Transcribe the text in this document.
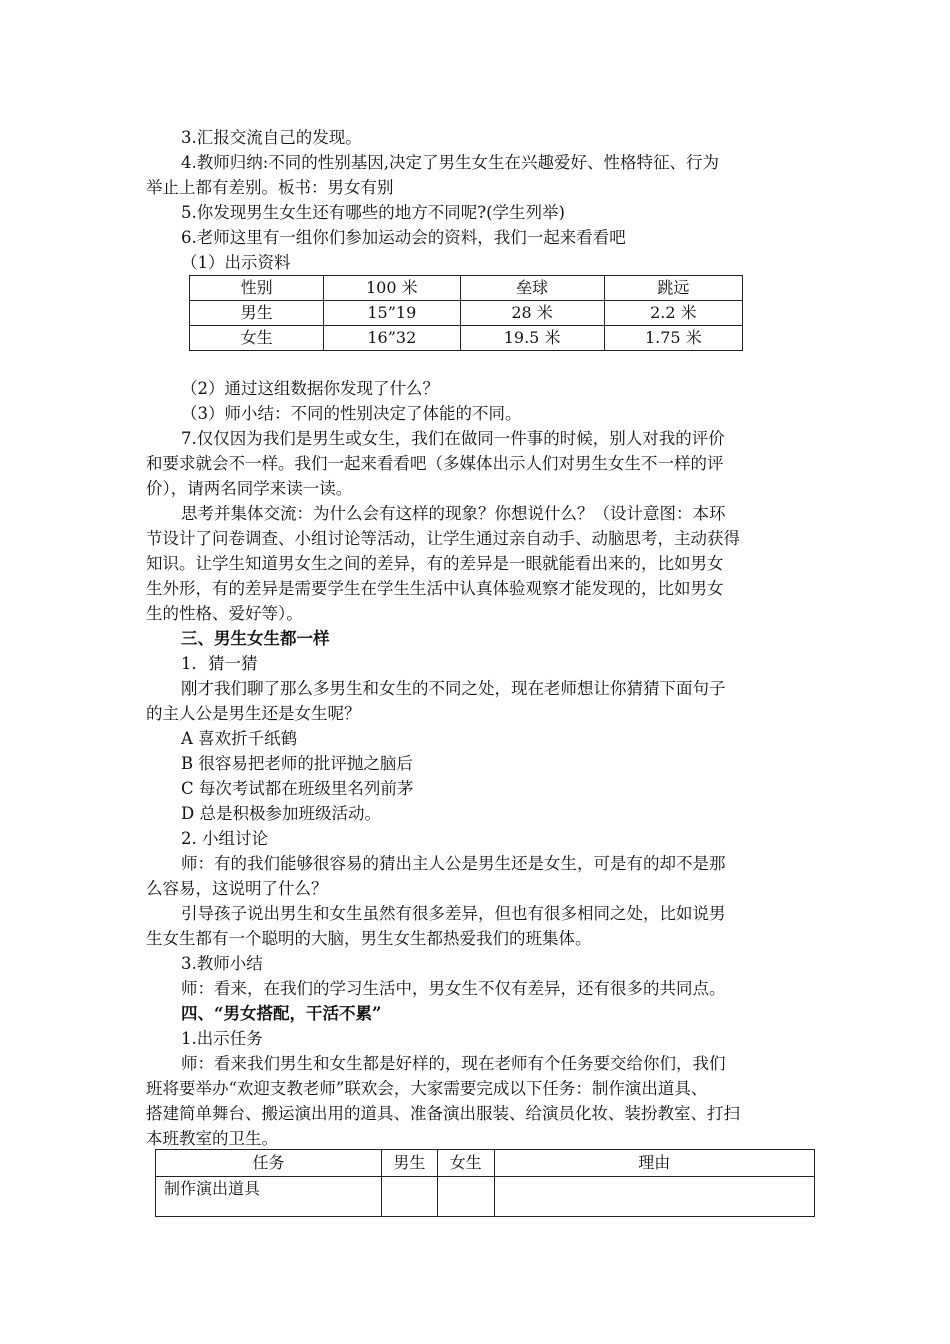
3.汇报交流自己的发现。
4.教师归纳:不同的性别基因,决定了男生女生在兴趣爱好、性格特征、行为
举止上都有差别。板书：男女有别
5.你发现男生女生还有哪些的地方不同呢?(学生列举)
6.老师这里有一组你们参加运动会的资料，我们一起来看看吧
（1）出示资料
性别	100 米	垒球	跳远
男生	15”19	28 米	2.2 米
女生	16”32	19.5 米	1.75 米
（2）通过这组数据你发现了什么？
（3）师小结：不同的性别决定了体能的不同。
7.仅仅因为我们是男生或女生，我们在做同一件事的时候，别人对我的评价
和要求就会不一样。我们一起来看看吧（多媒体出示人们对男生女生不一样的评
价），请两名同学来读一读。
思考并集体交流：为什么会有这样的现象？你想说什么？（设计意图：本环
节设计了问卷调查、小组讨论等活动，让学生通过亲自动手、动脑思考，主动获得
知识。让学生知道男女生之间的差异，有的差异是一眼就能看出来的，比如男女
生外形，有的差异是需要学生在学生生活中认真体验观察才能发现的，比如男女
生的性格、爱好等）。
三、男生女生都一样
1．猜一猜
刚才我们聊了那么多男生和女生的不同之处，现在老师想让你猜猜下面句子
的主人公是男生还是女生呢？
A 喜欢折千纸鹤
B 很容易把老师的批评抛之脑后
C 每次考试都在班级里名列前茅
D 总是积极参加班级活动。
2. 小组讨论
师：有的我们能够很容易的猜出主人公是男生还是女生，可是有的却不是那
么容易，这说明了什么？
引导孩子说出男生和女生虽然有很多差异，但也有很多相同之处，比如说男
生女生都有一个聪明的大脑，男生女生都热爱我们的班集体。
3.教师小结
师：看来，在我们的学习生活中，男女生不仅有差异，还有很多的共同点。
四、“男女搭配，干活不累”
1.出示任务
师：看来我们男生和女生都是好样的，现在老师有个任务要交给你们，我们
班将要举办“欢迎支教老师”联欢会，大家需要完成以下任务：制作演出道具、
搭建简单舞台、搬运演出用的道具、准备演出服装、给演员化妆、装扮教室、打扫
本班教室的卫生。
任务	男生	女生	理由
制作演出道具			
